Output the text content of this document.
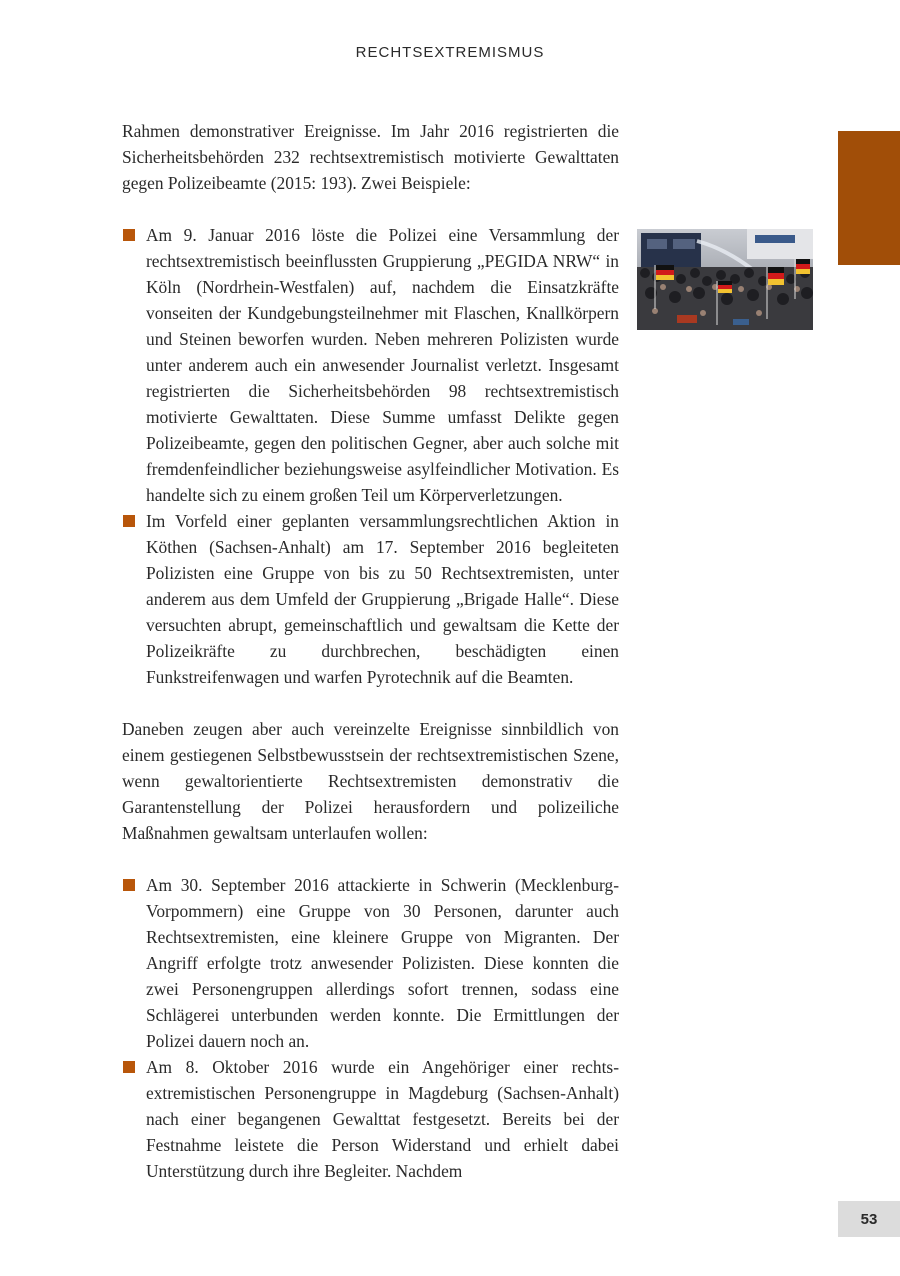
RECHTSEXTREMISMUS

Rahmen demonstrativer Ereignisse. Im Jahr 2016 registrierten die Sicherheitsbehörden 232 rechtsextremistisch motivierte Gewalttaten gegen Polizeibeamte (2015: 193). Zwei Beispiele:

Am 9. Januar 2016 löste die Polizei eine Versammlung der rechtsextremistisch beeinflussten Gruppierung „PEGIDA NRW“ in Köln (Nordrhein-Westfalen) auf, nachdem die Einsatzkräfte vonseiten der Kundgebungsteilnehmer mit Flaschen, Knallkörpern und Steinen beworfen wurden. Neben mehreren Polizisten wurde unter anderem auch ein anwesender Journalist verletzt. Insgesamt registrierten die Sicherheitsbehörden 98 rechtsextremistisch motivierte Gewalttaten. Diese Summe umfasst Delikte gegen Polizeibeamte, gegen den politischen Gegner, aber auch solche mit fremdenfeindlicher beziehungsweise asylfeindlicher Motivation. Es handelte sich zu einem großen Teil um Körperverletzungen.
Im Vorfeld einer geplanten versammlungsrechtlichen Aktion in Köthen (Sachsen-Anhalt) am 17. September 2016 begleiteten Polizisten eine Gruppe von bis zu 50 Rechtsextremisten, unter anderem aus dem Umfeld der Gruppierung „Brigade Halle“. Diese versuchten abrupt, gemeinschaftlich und gewaltsam die Kette der Polizeikräfte zu durchbrechen, beschädigten einen Funkstreifenwagen und warfen Pyrotechnik auf die Beamten.

Daneben zeugen aber auch vereinzelte Ereignisse sinnbildlich von einem gestiegenen Selbstbewusstsein der rechtsextremistischen Szene, wenn gewaltorientierte Rechtsextremisten demonstrativ die Garantenstellung der Polizei herausfordern und polizeiliche Maßnahmen gewaltsam unterlaufen wollen:

Am 30. September 2016 attackierte in Schwerin (Mecklenburg-Vorpommern) eine Gruppe von 30 Personen, darunter auch Rechtsextremisten, eine kleinere Gruppe von Migranten. Der Angriff erfolgte trotz anwesender Polizisten. Diese konnten die zwei Personengruppen allerdings sofort trennen, sodass eine Schlägerei unterbunden werden konnte. Die Ermittlungen der Polizei dauern noch an.
Am 8. Oktober 2016 wurde ein Angehöriger einer rechtsextremistischen Personengruppe in Magdeburg (Sachsen-Anhalt) nach einer begangenen Gewalttat festgesetzt. Bereits bei der Festnahme leistete die Person Widerstand und erhielt dabei Unterstützung durch ihre Begleiter. Nachdem
53
